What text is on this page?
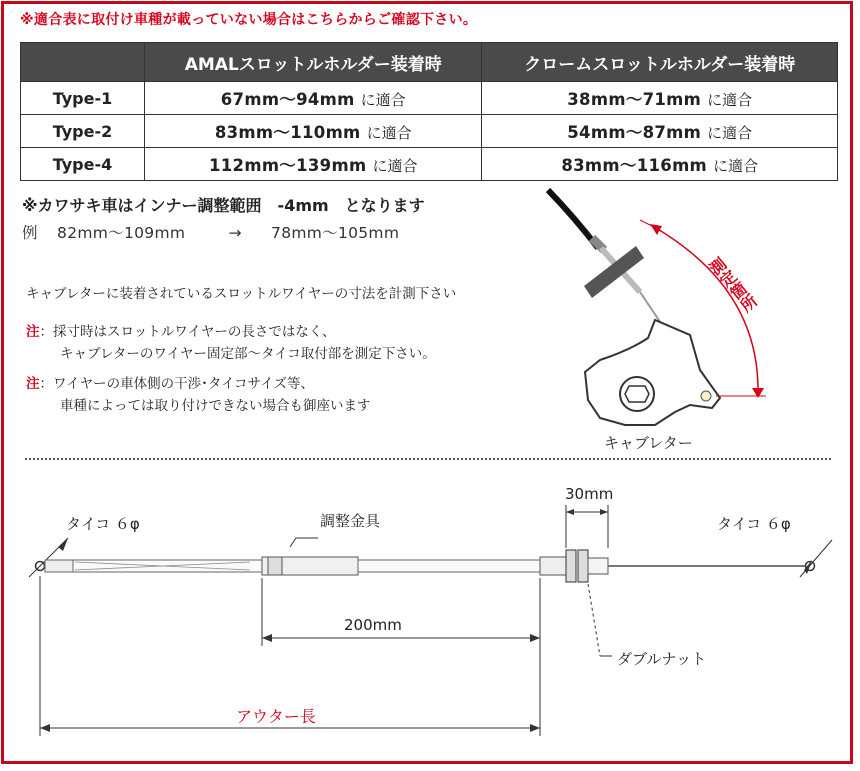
※適合表に取付け車種が載っていない場合はこちらからご確認下さい。
	AMALスロットルホルダー装着時	クロームスロットルホルダー装着時
Type-1	67mm～94mm に適合	38mm～71mm に適合
Type-2	83mm～110mm に適合	54mm～87mm に適合
Type-4	112mm～139mm に適合	83mm～116mm に適合
※カワサキ車はインナー調整範囲　-4mm　となります
例 82mm～109mm	→ 78mm～105mm
キャブレターに装着されているスロットルワイヤーの寸法を計測下さい
注：採寸時はスロットルワイヤーの長さではなく、
キャブレターのワイヤー固定部～タイコ取付部を測定下さい。
注：ワイヤーの車体側の干渉･タイコサイズ等、
車種によっては取り付けできない場合も御座います
測定箇所
キャブレター
タイコ ６φ	タイコ ６φ
調整金具
30mm
200mm
ダブルナット
アウター長
